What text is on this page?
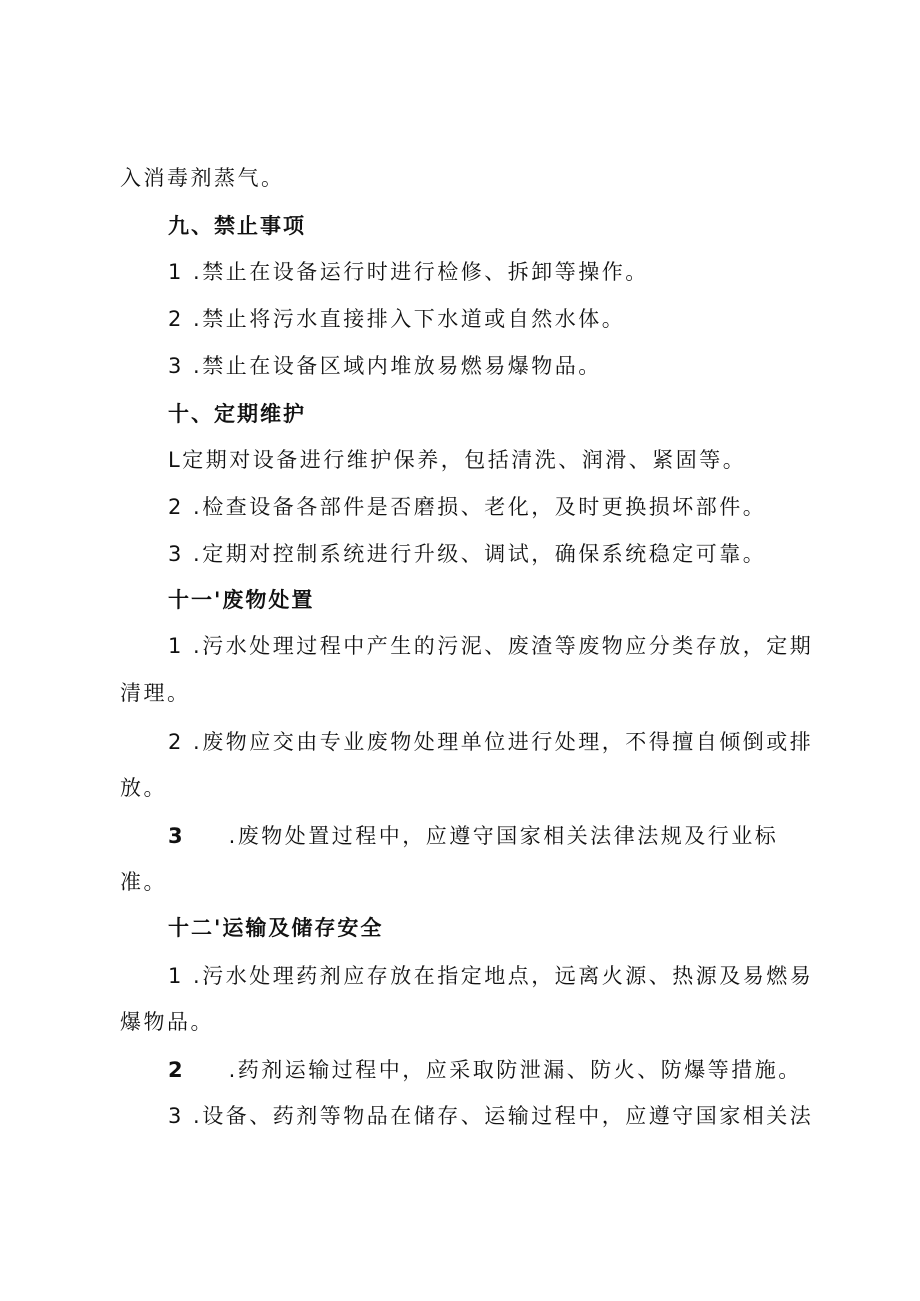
入消毒剂蒸气。
九、禁止事项
1 .禁止在设备运行时进行检修、拆卸等操作。
2 .禁止将污水直接排入下水道或自然水体。
3 .禁止在设备区域内堆放易燃易爆物品。
十、定期维护
L定期对设备进行维护保养，包括清洗、润滑、紧固等。
2 .检查设备各部件是否磨损、老化，及时更换损坏部件。
3 .定期对控制系统进行升级、调试，确保系统稳定可靠。
十一'废物处置
1 .污水处理过程中产生的污泥、废渣等废物应分类存放，定期
清理。
2 .废物应交由专业废物处理单位进行处理，不得擅自倾倒或排
放。
3 .废物处置过程中，应遵守国家相关法律法规及行业标
准。
十二'运输及储存安全
1 .污水处理药剂应存放在指定地点，远离火源、热源及易燃易
爆物品。
2 .药剂运输过程中，应采取防泄漏、防火、防爆等措施。
3 .设备、药剂等物品在储存、运输过程中，应遵守国家相关法
